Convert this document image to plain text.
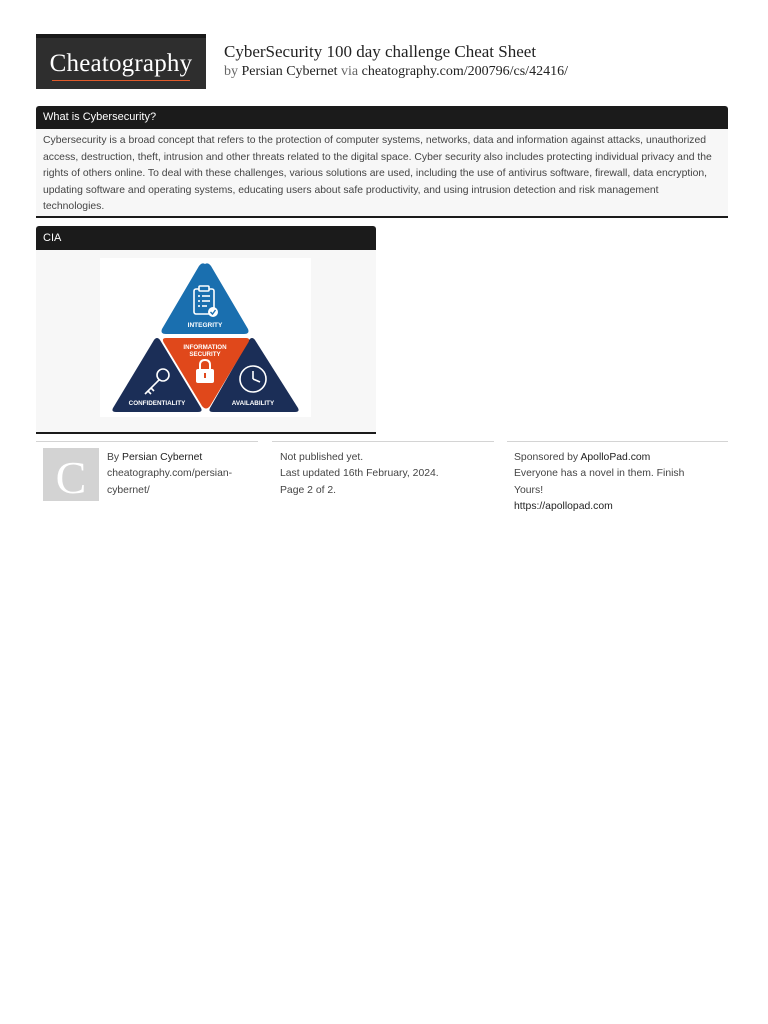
Cheatography	CyberSecurity 100 day challenge Cheat Sheet
by Persian Cybernet via cheatography.com/200796/cs/42416/
What is Cybersecurity?
Cybersecurity is a broad concept that refers to the protection of computer systems, networks, data and information against attacks, unauthorized access, destruction, theft, intrusion and other threats related to the digital space. Cyber security also includes protecting individual privacy and the rights of others online. To deal with these challenges, various solutions are used, including the use of antivirus software, firewall, data encryption, updating software and operating systems, educating users about safe productivity, and using intrusion detection and risk management technologies.
CIA
INTEGRITY
INFORMATION
SECURITY
CONFIDENTIALITY	AVAILABILITY
C	By Persian Cybernet
cheatography.com/persian-
cybernet/
Not published yet.
Last updated 16th February, 2024.
Page 2 of 2.
Sponsored by ApolloPad.com
Everyone has a novel in them. Finish
Yours!
https://apollopad.com
